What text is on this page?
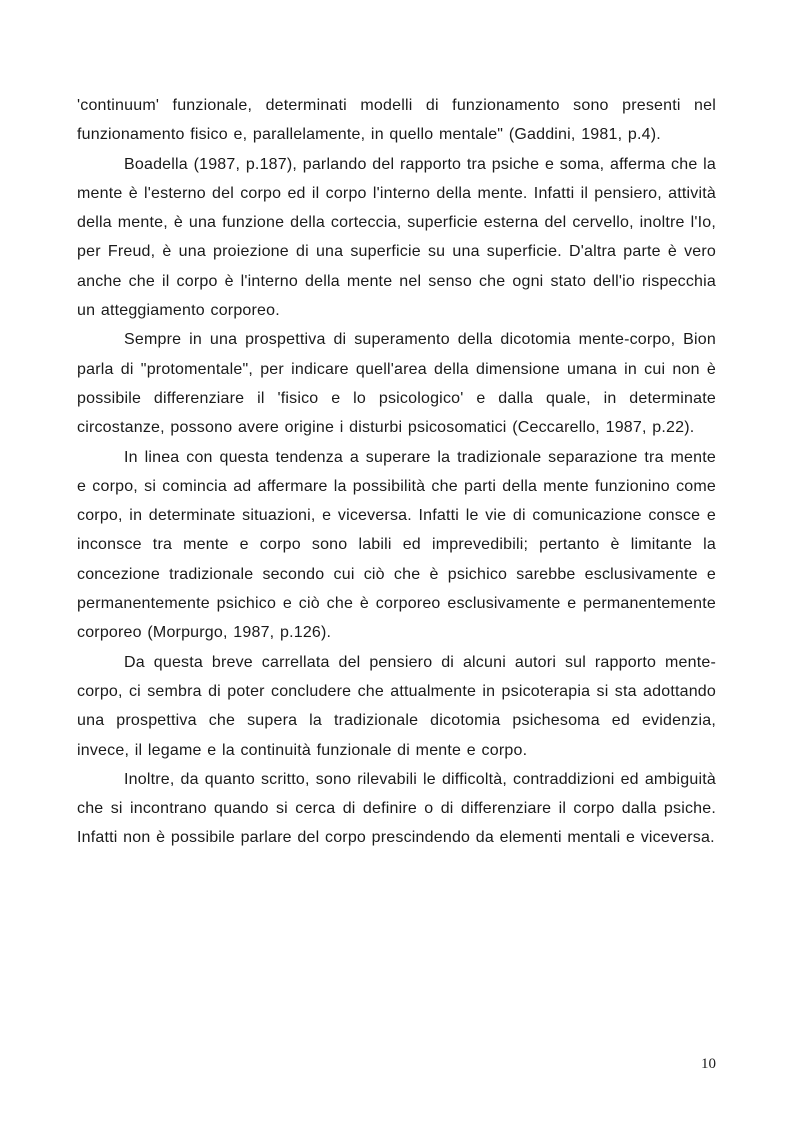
'continuum' funzionale, determinati modelli di funzionamento sono presenti nel funzionamento fisico e, parallelamente, in quello mentale" (Gaddini, 1981, p.4).

Boadella (1987, p.187), parlando del rapporto tra psiche e soma, afferma che la mente è l'esterno del corpo ed il corpo l'interno della mente. Infatti il pensiero, attività della mente, è una funzione della corteccia, superficie esterna del cervello, inoltre l'Io, per Freud, è una proiezione di una superficie su una superficie. D'altra parte è vero anche che il corpo è l'interno della mente nel senso che ogni stato dell'io rispecchia un atteggiamento corporeo.

Sempre in una prospettiva di superamento della dicotomia mente-corpo, Bion parla di "protomentale", per indicare quell'area della dimensione umana in cui non è possibile differenziare il 'fisico e lo psicologico' e dalla quale, in determinate circostanze, possono avere origine i disturbi psicosomatici (Ceccarello, 1987, p.22).

In linea con questa tendenza a superare la tradizionale separazione tra mente e corpo, si comincia ad affermare la possibilità che parti della mente funzionino come corpo, in determinate situazioni, e viceversa. Infatti le vie di comunicazione consce e inconsce tra mente e corpo sono labili ed imprevedibili; pertanto è limitante la concezione tradizionale secondo cui ciò che è psichico sarebbe esclusivamente e permanentemente psichico e ciò che è corporeo esclusivamente e permanentemente corporeo (Morpurgo, 1987, p.126).

Da questa breve carrellata del pensiero di alcuni autori sul rapporto mente-corpo, ci sembra di poter concludere che attualmente in psicoterapia si sta adottando una prospettiva che supera la tradizionale dicotomia psichesoma ed evidenzia, invece, il legame e la continuità funzionale di mente e corpo.

Inoltre, da quanto scritto, sono rilevabili le difficoltà, contraddizioni ed ambiguità che si incontrano quando si cerca di definire o di differenziare il corpo dalla psiche. Infatti non è possibile parlare del corpo prescindendo da elementi mentali e viceversa.

10
